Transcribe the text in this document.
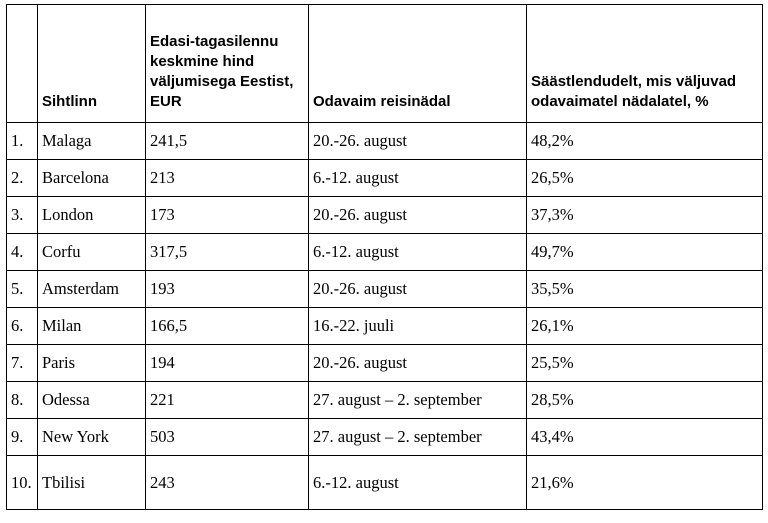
	Sihtlinn	Edasi-tagasilennu keskmine hind väljumisega Eestist, EUR	Odavaim reisinädal	Säästlendudelt, mis väljuvad odavaimatel nädalatel, %
1.	Malaga	241,5	20.-26. august	48,2%
2.	Barcelona	213	6.-12. august	26,5%
3.	London	173	20.-26. august	37,3%
4.	Corfu	317,5	6.-12. august	49,7%
5.	Amsterdam	193	20.-26. august	35,5%
6.	Milan	166,5	16.-22. juuli	26,1%
7.	Paris	194	20.-26. august	25,5%
8.	Odessa	221	27. august – 2. september	28,5%
9.	New York	503	27. august – 2. september	43,4%
10.	Tbilisi	243	6.-12. august	21,6%
